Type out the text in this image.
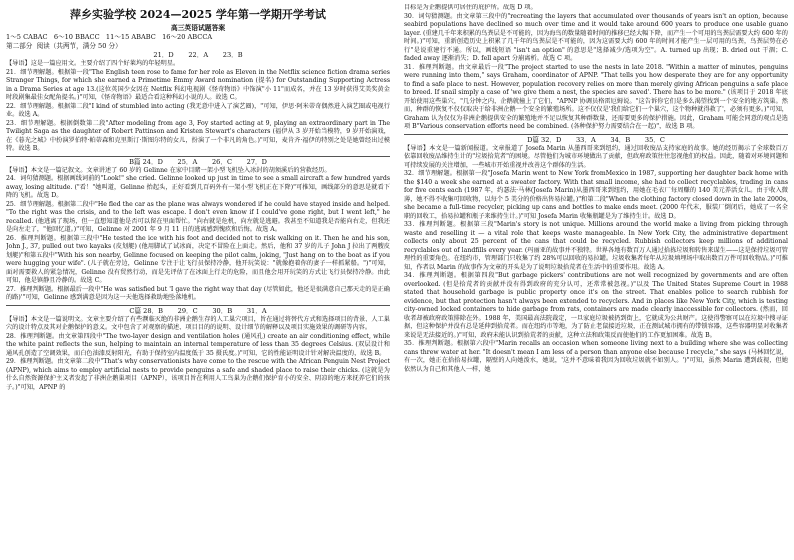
萍乡实验学校 2024—2025 学年第一学期开学考试
高三英语试题答案
1～5 CABAC   6～10 BBACC   11～15 ABABC   16～20 ABCCA
第二部分  阅读（共两节，满分 50 分）
21．D       22．A       23．B

【导语】这是一篇应用文。主要介绍了四个好莱坞的年轻明星。

21．细节理解题。根据第一段"The English teen rose to fame for her role as Eleven in the Netflix science fiction drama series Stranger Things, for which she earned a Primetime Emmy Award nomination (提名) for Outstanding Supporting Actress in a Drama Series at age 13.(这位英国少女因在 Netflix 科幻电视剧《怪奇物语》中饰演"小 11"而成名，并在 13 岁时获得艾美奖黄金时段剧集最佳女配角提名。)"可知，《怪奇物语》最适合看这种科幻小说的人。故选 C。

22．细节理解题。根据第二段"I kind of stumbled into acting (我无意中进入了演艺圈)，"可知，伊思·阿米蒂奇偶然进入演艺圈或电视行业。故选 A。

23．细节理解题。根据倒数第二段"After modeling from age 3, Foy started acting at 9, playing an extraordinary part in The Twilight Saga as the daughter of Robert Pattinson and Kristen Stewart's characters (福伊从 3 岁开始当模特，9 岁开始演戏，在《暮光之城》中扮演罗伯特·帕蒂森和克里斯汀·斯图尔特的女儿，扮演了一个非凡的角色。)"可知，麦肯齐·福伊的特别之处是她曾经出过模特。故选 B。

B篇 24．D       25．A       26．C       27．D

【导语】本文是一篇记叙文。文章讲述了 60 岁的 Gelinne 在家中目睹一架小型飞机坠入冰封的胡须溪后的营救经历。

24．词句猜测题。根据画线词前的"Look!" she cried. Gelinne looked up just in time to see a small aircraft a few hundred yards away, losing altitude. ("看！"她叫道，Gelinne 抬起头，正好看到几百码外有一架小型飞机正在下降)"可推知，画线部分的意思是就看下降的飞机。故选 D。

25．细节理解题。根据第二段中"He fled the car as the plane was always wondered if he could have stayed inside and helped. "To the right was the crisis, and to the left was escape. I don't even know if I could've gone right, but I went left," he recalled. (他逃离了现场，但一直想知道他是否可以留在里面帮忙。"向右就是危机，向左就是逃避。我甚至不知道我是否能向右走，但我还是向左走了，"他回忆道。)"可知，Gelinne 对 2001 年 9 月 11 日的逃离感到愧疚和后悔。故选 A。

26．推理判断题。根据第三段中"He tested the ice with his foot and decided not to risk walking on it. Then he and his son, John J., 37, pulled out two kayaks (皮划艇) (他用脚试了试冰面，决定不冒险在上面走。然后，他和 37 岁的儿子 John J 拉出了两艘皮划艇)"和第五段中"With his son nearby, Gelinne focused on keeping the pilot calm, joking, "Just hang on to the boat as if you were hugging your wife". (儿子就在旁边，Gelinne 专注于让飞行员保持冷静，他开玩笑说："就像抱着你的妻子一样抓紧船。")"可知，面对需要救人的紧急情况，Gelinne 没有贸然行动，而是先评估了在冰面上行走的危险，而且他会用开玩笑的方式让飞行员保持冷静。由此可知，他是镇静且冷静的。故选 C。

27．推理判断题。根据最后一段中"He was satisfied but 'I gave the right way that day (尽管如此，他还是很满意自己那天走的是正确的路)'"可知，Gelinne 感到满意是因为这一天他选择救助地坠落地机。

C篇 28．B       29．C       30．B       31．A

【导语】本文是一篇说明文。文章主要介绍了有些濒临灭绝的非洲企鹅生存的人工巢穴项目，旨在通过将替代方式和选择项目的背景、人工巢穴的设计特点及其对企鹅保护的意义。文中包含了对观察的描述、项目目的的说明、设计细节的解释以及项目实施效果的调研等内容。

28．推理判断题。由文章第四段中"The two-layer design and ventilation holes (通风孔) create an air conditioning effect, while the white paint reflects the sun, helping to maintain an internal temperature of less than 35 degrees Celsius. (双层设计和通风孔创造了空调效果，而白色油漆反射阳光，有助于保持室内温度低于 35 摄氏度。)"可知，它的性能证明设计针对解决温度的，故选 B。

29．推理判断题。由文章第二段中"That's why conservationists have come to the rescue with the African Penguin Nest Project (APNP), which aims to employ artificial nests to provide penguins a safe and shaded place to raise their chicks. (这就是为什么自然资源保护主义者发起了非洲企鹅巢项目（APNP），该项目旨在利用人工鸟巢为企鹅们保护育小的安全、阴凉的地方来抚养它们的孩子。)"可知，APNP 的

目标是为企鹅提供可居住的庇护所。故选 D 项。

30．词句猜测题。由文章第三段中的"recreating the layers that accumulated over thousands of years isn't an option, because seabird populations have declined so much over time and it would take around 600 years to produce one usable guano layer. (重建几千年来积累的鸟粪层是不可能的，因为海鸟的数量随着时间的推移已经大幅下降，而产生一个可用的鸟粪层需要大约 600 年的时间。)"可知，重新创造历史上积累了几千年的鸟粪层是不可能的，因为这需要大约 600 年的时间才能产生一层可用的鸟粪，鸟粪层势在必行"是说重建行不通。所以，画线短语 "isn't an option" 的意思是"选择减少/选项为空"。A. turned up 出现；B. dried out 干涸；C. faded away 逐渐消失；D. fell apart 分崩离析。故选 C 项。

31．推理判断题。由文章最后一段"The project started to use the nests in late 2018. "Within a matter of minutes, penguins were running into them," says Graham, coordinator of APNP. "That tells you how desperate they are for any opportunity to find a safe place to nest. However, population recovery relies on more than merely giving African penguins a safe place to breed. If snail simply a case of 'we give them a nest, the species are saved'. There has to be more." (该项目于 2018 年底开始使用这些巢穴，"几分钟之内，企鹅就撞上了它们，"APNP 协调员格雷厄姆说。"这告诉你它们是多么渴望找到一个安全的地方筑巢。然而，种群的恢复不仅仅取决于给非洲企鹅一个安全的繁殖场所。这不仅仅是'我们给它们一个巢穴，这个物种就得救了'，必须有更多。)"可知，Graham 认为仅仅为非洲企鹅提供安全的繁殖地并不足以恢复其种群数量，还需要更多的保护措施。因此，Graham 可能会同意的观点是选项 B"Various conservation efforts need be combined. (各种保护努力需要结合在一起)"，故选 B 项。

D篇 32．D       33．A       34．B       35．C

【导语】本文是一篇新闻报道。文章报道了 Josefa Marin 从墨西哥来到纽约，通过回收废品支持家庭的故事。她的经历揭示了全球数百万依靠回收废品维持生计的"垃圾拾荒者"的困境。尽管他们为城市环境做出了贡献，但政府政策往往忽视他们的权益。因此，随着对环境问题和可持续发展的关注增加，一些城市开始重视并改善这个群体的生活。

32．细节理解题。根据第一段"Josefa Marin went to New York fromMexico in 1987, supporting her daughter back home with the $140 a week she earned at a sweater factory. With that small income, she had to collect recyclables, trading in cans for five cents each (1987 年，约瑟法·马林(Josefa Marin)从墨西哥来到纽约，用她在毛衣厂每周赚的 140 美元养活女儿。由于收入微薄，她不得不收集可回收物，以每个 5 美分的价格出售易拉罐。)"和第二段"When the clothing factory closed down in the late 2000s, she became a full-time recycler, picking up cans and bottles to make ends meet. (2000 年代末，服装厂倒闭后，她成了一名全职的回收工，拾易拉罐和瓶子来维持生计。)"可知 Josefa Marin 收集瓶罐是为了维持生计。故选 D。

33．推理判断题。根据第三段"Marin's story is not unique. Millions around the world make a living from picking through waste and reselling it — a vital role that keeps waste manageable. In New York City, the administrative department collects only about 25 percent of the cans that could be recycled. Rubbish collectors keep millions of additional recyclables out of landfills every year. (玛丽亚的故事并不独特。世界各地有数百万人通过拾拣垃圾和转售来谋生——这是保持垃圾可管理性的重要角色。在纽约市，管理部门只收集了约 28%可以回收的易拉罐。垃圾收集者每年从垃圾填埋场中取出数百万件可回收物品。)"可推知，作者以 Marin 的故事作为文章的开头是为了说明垃圾拾荒者在生活中的重要作用。故选 A。

34．推理判断题。根据第四段"But garbage pickers' contributions are not well recognized by governments and are often overlooked. (但是拾荒者的贡献并没有得到政府的充分认可，还常常被忽视。)"以及 The United States Supreme Court in 1988 stated that household garbage is public property once it's on the street. That enables police to search rubbish for evidence, but that protection hasn't always been extended to recyclers. And in places like New York City, which is testing city-owned locked containers to hide garbage from rats, containers are made clearly inaccessible for collectors. (然而，回收者却被政府政策排除在外。1988 年，美国最高法院裁定，一旦家庭垃圾被扔到街上，它就成为公共财产。这使得警察可以在垃圾中搜寻证据，但这种保护并没有总是延伸到拾荒者。而在纽约市等地，为了防止老鼠接近垃圾，正在测试城市拥有的带锁容器，这些容器明显对收集者来说是无法接近的。)"可知，政府未能认识到拾荒者的贡献，这种立法和政策反而使他们的工作更加困难。故选 B。

35．推理判断题。根据第六段中"Marin recalls an occasion when someone living next to a building where she was collecting cans threw water at her. "It doesn't mean I am less of a person than anyone else because I recycle," she says (马林回忆说，有一次，她正在拾拾易拉罐，隔壁的人向她泼水，她说，'这并不意味着我因为回收垃圾就不如别人。')"可知，虽然 Marin 遭到歧视，但她依然认为自己和其他人一样，她
